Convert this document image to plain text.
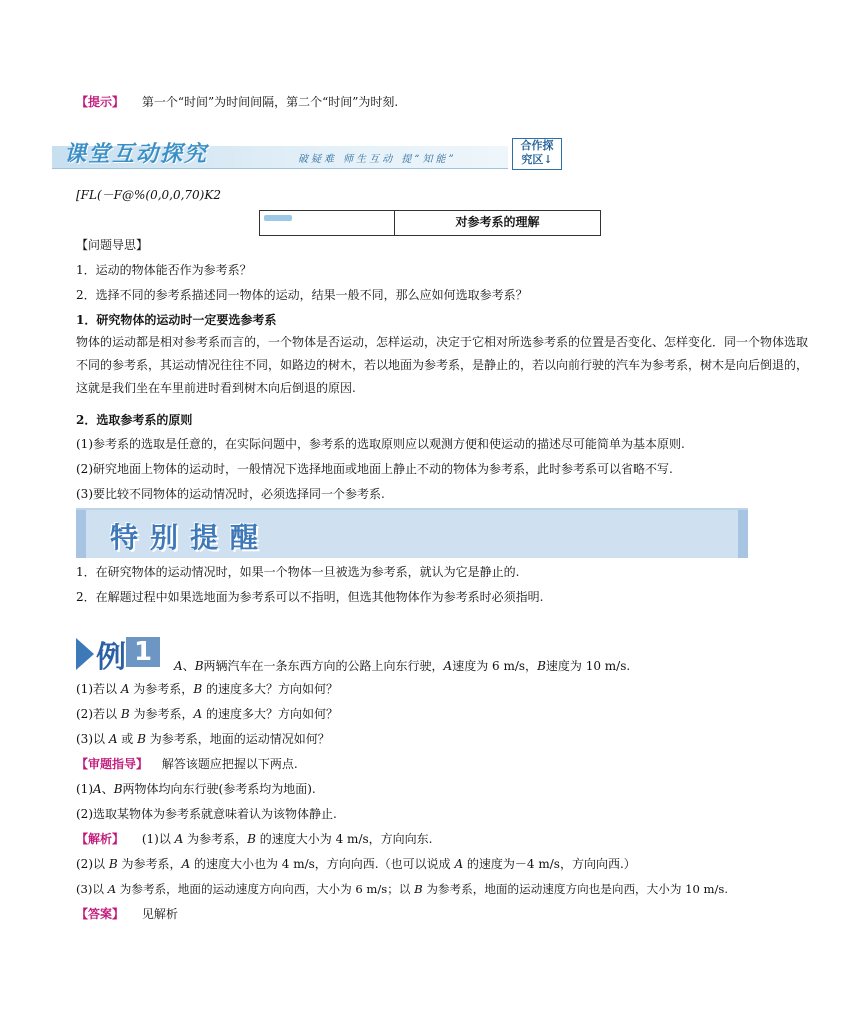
【提示】 第一个“时间”为时间间隔，第二个“时间”为时刻.
课堂互动探究	破疑难 师生互动 提“知能”
合作探
究区↓
[FL(－F@%(0,0,0,70)K2
对参考系的理解
【问题导思】
1．运动的物体能否作为参考系？
2．选择不同的参考系描述同一物体的运动，结果一般不同，那么应如何选取参考系？
1．研究物体的运动时一定要选参考系
物体的运动都是相对参考系而言的，一个物体是否运动，怎样运动，决定于它相对所选参考系的位置是否变化、怎样变化．同一个物体选取不同的参考系，其运动情况往往不同，如路边的树木，若以地面为参考系，是静止的，若以向前行驶的汽车为参考系，树木是向后倒退的，这就是我们坐在车里前进时看到树木向后倒退的原因.
2．选取参考系的原则
(1)参考系的选取是任意的，在实际问题中，参考系的选取原则应以观测方便和使运动的描述尽可能简单为基本原则.
(2)研究地面上物体的运动时，一般情况下选择地面或地面上静止不动的物体为参考系，此时参考系可以省略不写.
(3)要比较不同物体的运动情况时，必须选择同一个参考系.
特别提醒
1．在研究物体的运动情况时，如果一个物体一旦被选为参考系，就认为它是静止的.
2．在解题过程中如果选地面为参考系可以不指明，但选其他物体作为参考系时必须指明.
例 1	A、B两辆汽车在一条东西方向的公路上向东行驶，A速度为 6 m/s，B速度为 10 m/s.
(1)若以 A 为参考系，B 的速度多大？方向如何？
(2)若以 B 为参考系，A 的速度多大？方向如何？
(3)以 A 或 B 为参考系，地面的运动情况如何？
【审题指导】 解答该题应把握以下两点.
(1)A、B两物体均向东行驶(参考系均为地面).
(2)选取某物体为参考系就意味着认为该物体静止.
【解析】 (1)以 A 为参考系，B 的速度大小为 4 m/s，方向向东.
(2)以 B 为参考系，A 的速度大小也为 4 m/s，方向向西.（也可以说成 A 的速度为－4 m/s，方向向西.）
(3)以 A 为参考系，地面的运动速度方向向西，大小为 6 m/s；以 B 为参考系，地面的运动速度方向也是向西，大小为 10 m/s.
【答案】 见解析
